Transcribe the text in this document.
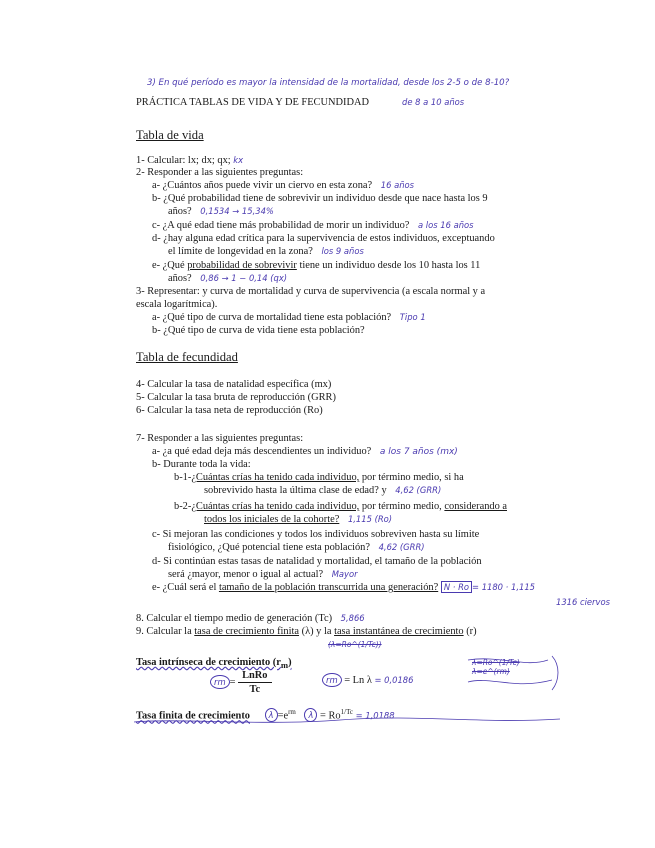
3) En qué período es mayor la intensidad de la mortalidad, desde los 2-5 o de 8-10?
PRÁCTICA TABLAS DE VIDA Y DE FECUNDIDAD	de 8 a 10 años
Tabla de vida
1- Calcular: lx; dx; qx; kx
2- Responder a las siguientes preguntas:
a- ¿Cuántos años puede vivir un ciervo en esta zona? 16 años
b- ¿Qué probabilidad tiene de sobrevivir un individuo desde que nace hasta los 9
años? 0,1534 → 15,34%
c- ¿A qué edad tiene más probabilidad de morir un individuo? a los 16 años
d- ¿hay alguna edad crítica para la supervivencia de estos individuos, exceptuando
el límite de longevidad en la zona? los 9 años
e- ¿Qué probabilidad de sobrevivir tiene un individuo desde los 10 hasta los 11
años? 0,86 → 1 − 0,14 (qx)
3- Representar: y curva de mortalidad y curva de supervivencia (a escala normal y a
escala logarítmica).
a- ¿Qué tipo de curva de mortalidad tiene esta población? Tipo 1
b- ¿Qué tipo de curva de vida tiene esta población?
Tabla de fecundidad
4- Calcular la tasa de natalidad específica (mx)
5- Calcular la tasa bruta de reproducción (GRR)
6- Calcular la tasa neta de reproducción (Ro)
7- Responder a las siguientes preguntas:
a- ¿a qué edad deja más descendientes un individuo? a los 7 años (mx)
b- Durante toda la vida:
b-1-¿Cuántas crías ha tenido cada individuo, por término medio, si ha
sobrevivido hasta la última clase de edad? y 4,62 (GRR)
b-2-¿Cuántas crías ha tenido cada individuo, por término medio, considerando a
todos los iniciales de la cohorte? 1,115 (Ro)
c- Si mejoran las condiciones y todos los individuos sobreviven hasta su límite
fisiológico, ¿Qué potencial tiene esta población? 4,62 (GRR)
d- Si continúan estas tasas de natalidad y mortalidad, el tamaño de la población
será ¿mayor, menor o igual al actual? Mayor
e- ¿Cuál será el tamaño de la población transcurrida una generación? N · Ro = 1180 · 1,115
1316 ciervos
8. Calcular el tiempo medio de generación (Tc) 5,866
9. Calcular la tasa de crecimiento finita (λ) y la tasa instantánea de crecimiento (r)
(λ=Ro^(1/Tc))
Tasa intrínseca de crecimiento $(r_m)$
rm = $\frac{\text{LnRo}}{Tc}$	rm = Ln λ = 0,0186
λ=Ro^(1/Tc)
λ=e^(rm)
Tasa finita de crecimiento $\lambda =e^{rm}$ $\lambda = Ro^{1/Tc} = 1,0188$
